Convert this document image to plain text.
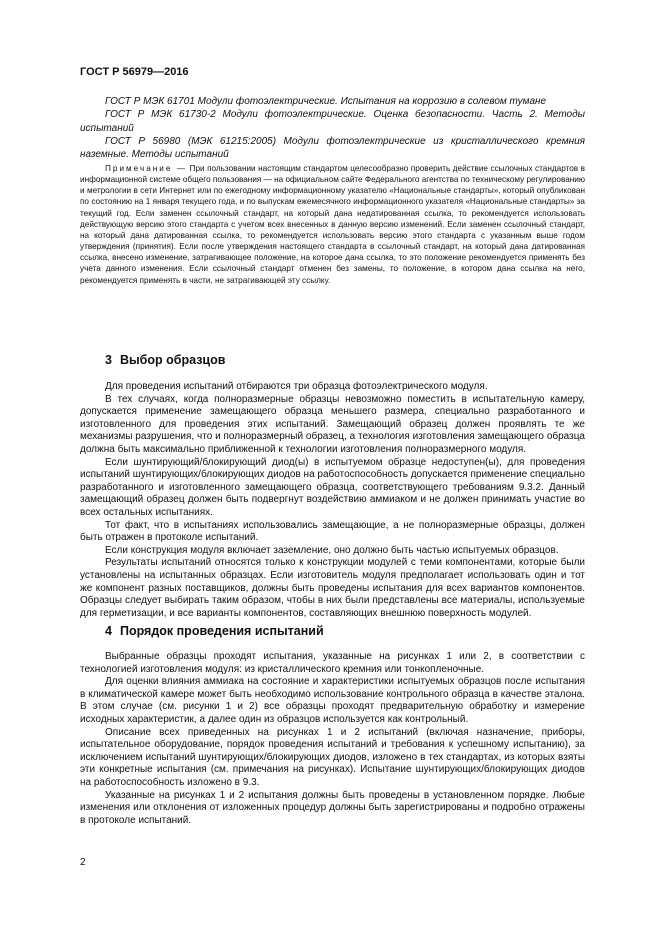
ГОСТ Р 56979—2016

ГОСТ Р МЭК 61701 Модули фотоэлектрические. Испытания на коррозию в солевом тумане

ГОСТ Р МЭК 61730-2 Модули фотоэлектрические. Оценка безопасности. Часть 2. Методы испытаний

ГОСТ Р 56980 (МЭК 61215:2005) Модули фотоэлектрические из кристаллического кремния наземные. Методы испытаний

Примечание — При пользовании настоящим стандартом целесообразно проверить действие ссылочных стандартов в информационной системе общего пользования — на официальном сайте Федерального агентства по техническому регулированию и метрологии в сети Интернет или по ежегодному информационному указателю «Национальные стандарты», который опубликован по состоянию на 1 января текущего года, и по выпускам ежемесячного информационного указателя «Национальные стандарты» за текущий год. Если заменен ссылочный стандарт, на который дана недатированная ссылка, то рекомендуется использовать действующую версию этого стандарта с учетом всех внесенных в данную версию изменений. Если заменен ссылочный стандарт, на который дана датированная ссылка, то рекомендуется использовать версию этого стандарта с указанным выше годом утверждения (принятия). Если после утверждения настоящего стандарта в ссылочный стандарт, на который дана датированная ссылка, внесено изменение, затрагивающее положение, на которое дана ссылка, то это положение рекомендуется применять без учета данного изменения. Если ссылочный стандарт отменен без замены, то положение, в котором дана ссылка на него, рекомендуется применять в части, не затрагивающей эту ссылку.

3 Выбор образцов

Для проведения испытаний отбираются три образца фотоэлектрического модуля.

В тех случаях, когда полноразмерные образцы невозможно поместить в испытательную камеру, допускается применение замещающего образца меньшего размера, специально разработанного и изготовленного для проведения этих испытаний. Замещающий образец должен проявлять те же механизмы разрушения, что и полноразмерный образец, а технология изготовления замещающего образца должна быть максимально приближенной к технологии изготовления полноразмерного модуля.

Если шунтирующий/блокирующий диод(ы) в испытуемом образце недоступен(ы), для проведения испытаний шунтирующих/блокирующих диодов на работоспособность допускается применение специально разработанного и изготовленного замещающего образца, соответствующего требованиям 9.3.2. Данный замещающий образец должен быть подвергнут воздействию аммиаком и не должен принимать участие во всех остальных испытаниях.

Тот факт, что в испытаниях использовались замещающие, а не полноразмерные образцы, должен быть отражен в протоколе испытаний.

Если конструкция модуля включает заземление, оно должно быть частью испытуемых образцов.

Результаты испытаний относятся только к конструкции модулей с теми компонентами, которые были установлены на испытанных образцах. Если изготовитель модуля предполагает использовать один и тот же компонент разных поставщиков, должны быть проведены испытания для всех вариантов компонентов. Образцы следует выбирать таким образом, чтобы в них были представлены все материалы, используемые для герметизации, и все варианты компонентов, составляющих внешнюю поверхность модулей.

4 Порядок проведения испытаний

Выбранные образцы проходят испытания, указанные на рисунках 1 или 2, в соответствии с технологией изготовления модуля: из кристаллического кремния или тонкопленочные.

Для оценки влияния аммиака на состояние и характеристики испытуемых образцов после испытания в климатической камере может быть необходимо использование контрольного образца в качестве эталона. В этом случае (см. рисунки 1 и 2) все образцы проходят предварительную обработку и измерение исходных характеристик, а далее один из образцов используется как контрольный.

Описание всех приведенных на рисунках 1 и 2 испытаний (включая назначение, приборы, испытательное оборудование, порядок проведения испытаний и требования к успешному испытанию), за исключением испытаний шунтирующих/блокирующих диодов, изложено в тех стандартах, из которых взяты эти конкретные испытания (см. примечания на рисунках). Испытание шунтирующих/блокирующих диодов на работоспособность изложено в 9.3.

Указанные на рисунках 1 и 2 испытания должны быть проведены в установленном порядке. Любые изменения или отклонения от изложенных процедур должны быть зарегистрированы и подробно отражены в протоколе испытаний.

2
